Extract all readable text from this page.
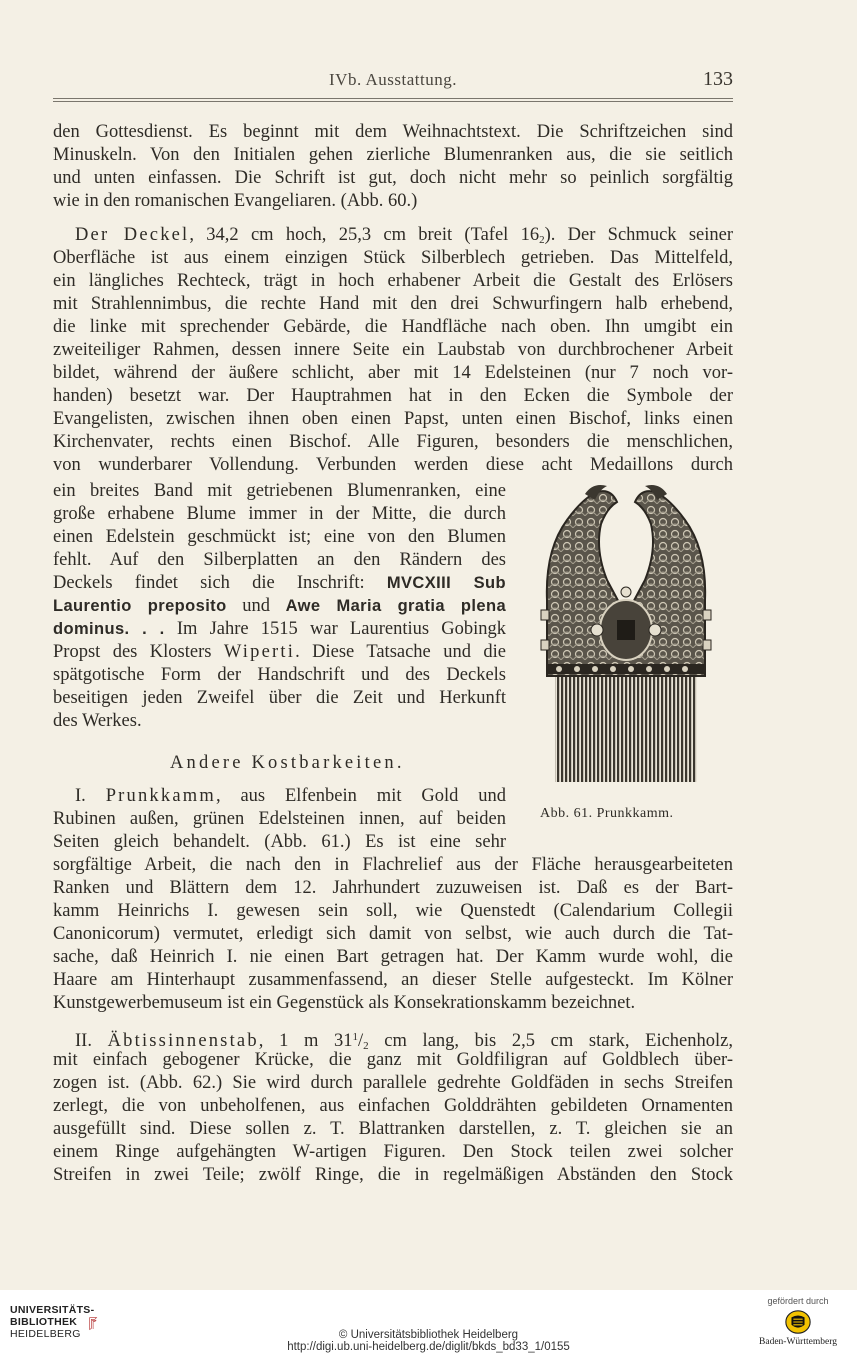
IVb. Ausstattung.	133
den Gottesdienst. Es beginnt mit dem Weihnachtstext. Die Schriftzeichen sind
Minuskeln. Von den Initialen gehen zierliche Blumenranken aus, die sie seitlich
und unten einfassen. Die Schrift ist gut, doch nicht mehr so peinlich sorgfältig
wie in den romanischen Evangeliaren. (Abb. 60.)
Der Deckel, 34,2 cm hoch, 25,3 cm breit (Tafel $16_2$). Der Schmuck seiner
Oberfläche ist aus einem einzigen Stück Silberblech getrieben. Das Mittelfeld,
ein längliches Rechteck, trägt in hoch erhabener Arbeit die Gestalt des Erlösers
mit Strahlennimbus, die rechte Hand mit den drei Schwurfingern halb erhebend,
die linke mit sprechender Gebärde, die Handfläche nach oben. Ihn umgibt ein
zweiteiliger Rahmen, dessen innere Seite ein Laubstab von durchbrochener Arbeit
bildet, während der äußere schlicht, aber mit 14 Edelsteinen (nur 7 noch vor-
handen) besetzt war. Der Hauptrahmen hat in den Ecken die Symbole der
Evangelisten, zwischen ihnen oben einen Papst, unten einen Bischof, links einen
Kirchenvater, rechts einen Bischof. Alle Figuren, besonders die menschlichen,
von wunderbarer Vollendung. Verbunden werden diese acht Medaillons durch
ein breites Band mit getriebenen Blumenranken, eine
große erhabene Blume immer in der Mitte, die durch
einen Edelstein geschmückt ist; eine von den Blumen
fehlt. Auf den Silberplatten an den Rändern des
Deckels findet sich die Inschrift: MVCXIII Sub
Laurentio preposito und Awe Maria gratia plena
dominus. . . Im Jahre 1515 war Laurentius Gobingk
Propst des Klosters Wiperti. Diese Tatsache und die
spätgotische Form der Handschrift und des Deckels
beseitigen jeden Zweifel über die Zeit und Herkunft
des Werkes.
Andere Kostbarkeiten.
I. Prunkkamm, aus Elfenbein mit Gold und
Rubinen außen, grünen Edelsteinen innen, auf beiden
Seiten gleich behandelt. (Abb. 61.) Es ist eine sehr
sorgfältige Arbeit, die nach den in Flachrelief aus der Fläche herausgearbeiteten
Ranken und Blättern dem 12. Jahrhundert zuzuweisen ist. Daß es der Bart-
kamm Heinrichs I. gewesen sein soll, wie Quenstedt (Calendarium Collegii
Canonicorum) vermutet, erledigt sich damit von selbst, wie auch durch die Tat-
sache, daß Heinrich I. nie einen Bart getragen hat. Der Kamm wurde wohl, die
Haare am Hinterhaupt zusammenfassend, an dieser Stelle aufgesteckt. Im Kölner
Kunstgewerbemuseum ist ein Gegenstück als Konsekrationskamm bezeichnet.
II. Äbtissinnenstab, 1 m $31^1/_2$ cm lang, bis 2,5 cm stark, Eichenholz,
mit einfach gebogener Krücke, die ganz mit Goldfiligran auf Goldblech über-
zogen ist. (Abb. 62.) Sie wird durch parallele gedrehte Goldfäden in sechs Streifen
zerlegt, die von unbeholfenen, aus einfachen Golddrähten gebildeten Ornamenten
ausgefüllt sind. Diese sollen z. T. Blattranken darstellen, z. T. gleichen sie an
einem Ringe aufgehängten W-artigen Figuren. Den Stock teilen zwei solcher
Streifen in zwei Teile; zwölf Ringe, die in regelmäßigen Abständen den Stock
Abb. 61. Prunkkamm.
UNIVERSITÄTS-
BIBLIOTHEK
HEIDELBERG	© Universitätsbibliothek Heidelberg
http://digi.ub.uni-heidelberg.de/diglit/bkds_bd33_1/0155
gefördert durch
Baden-Württemberg
